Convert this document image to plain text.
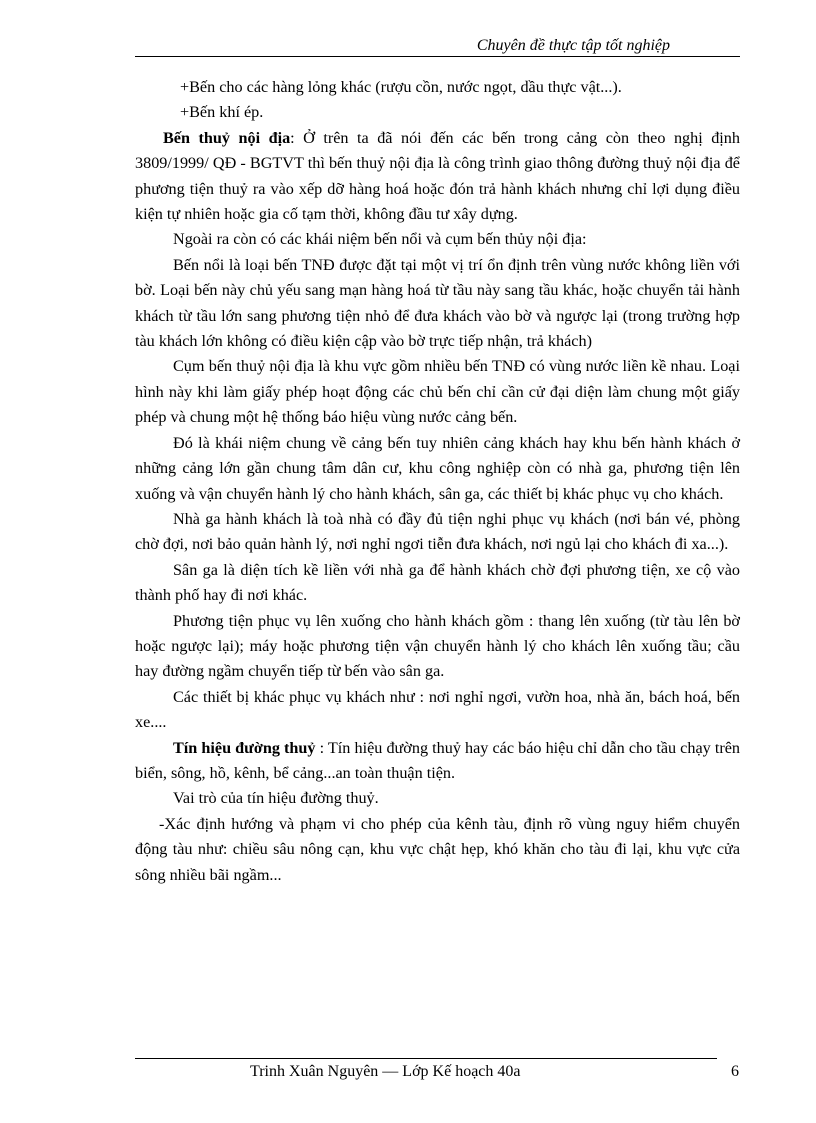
Chuyên đề thực tập tốt nghiệp

+Bến cho các hàng lỏng khác (rượu cồn, nước ngọt, dầu thực vật...).

+Bến khí ép.

Bến thuỷ nội địa: Ở trên ta đã nói đến các bến trong cảng còn theo nghị định 3809/1999/ QĐ - BGTVT thì bến thuỷ nội địa là công trình giao thông đường thuỷ nội địa để phương tiện thuỷ ra vào xếp dỡ hàng hoá hoặc đón trả hành khách nhưng chỉ lợi dụng điều kiện tự nhiên hoặc gia cố tạm thời, không đầu tư xây dựng.

Ngoài ra còn có các khái niệm bến nổi và cụm bến thủy nội địa:

Bến nổi là loại bến TNĐ được đặt tại một vị trí ổn định trên vùng nước không liền với bờ. Loại bến này chủ yếu sang mạn hàng hoá từ tầu này sang tầu khác, hoặc chuyển tải hành khách từ tầu lớn sang phương tiện nhỏ để đưa khách vào bờ và ngược lại (trong trường hợp tàu khách lớn không có điều kiện cập vào bờ trực tiếp nhận, trả khách)

Cụm bến thuỷ nội địa là khu vực gồm nhiều bến TNĐ có vùng nước liền kề nhau. Loại hình này khi làm giấy phép hoạt động các chủ bến chỉ cần cử đại diện làm chung một giấy phép và chung một hệ thống báo hiệu vùng nước cảng bến.

Đó là khái niệm chung về cảng bến tuy nhiên cảng khách hay khu bến hành khách ở những cảng lớn gần chung tâm dân cư, khu công nghiệp còn có nhà ga, phương tiện lên xuống và vận chuyển hành lý cho hành khách, sân ga, các thiết bị khác phục vụ cho khách.

Nhà ga hành khách là toà nhà có đầy đủ tiện nghi phục vụ khách (nơi bán vé, phòng chờ đợi, nơi bảo quản hành lý, nơi nghỉ ngơi tiễn đưa khách, nơi ngủ lại cho khách đi xa...).

Sân ga là diện tích kề liền với nhà ga để hành khách chờ đợi phương tiện, xe cộ vào thành phố hay đi nơi khác.

Phương tiện phục vụ lên xuống cho hành khách gồm : thang lên xuống (từ tàu lên bờ hoặc ngược lại); máy hoặc phương tiện vận chuyển hành lý cho khách lên xuống tầu; cầu hay đường ngầm chuyển tiếp từ bến vào sân ga.

Các thiết bị khác phục vụ khách như : nơi nghỉ ngơi, vườn hoa, nhà ăn, bách hoá, bến xe....

Tín hiệu đường thuỷ : Tín hiệu đường thuỷ hay các báo hiệu chỉ dẫn cho tầu chạy trên biển, sông, hồ, kênh, bể cảng...an toàn thuận tiện.

Vai trò của tín hiệu đường thuỷ.

-Xác định hướng và phạm vi cho phép của kênh tàu, định rõ vùng nguy hiểm chuyển động tàu như: chiều sâu nông cạn, khu vực chật hẹp, khó khăn cho tàu đi lại, khu vực cửa sông nhiều bãi ngầm...

Trinh Xuân Nguyên — Lớp Kế hoạch 40a	6
